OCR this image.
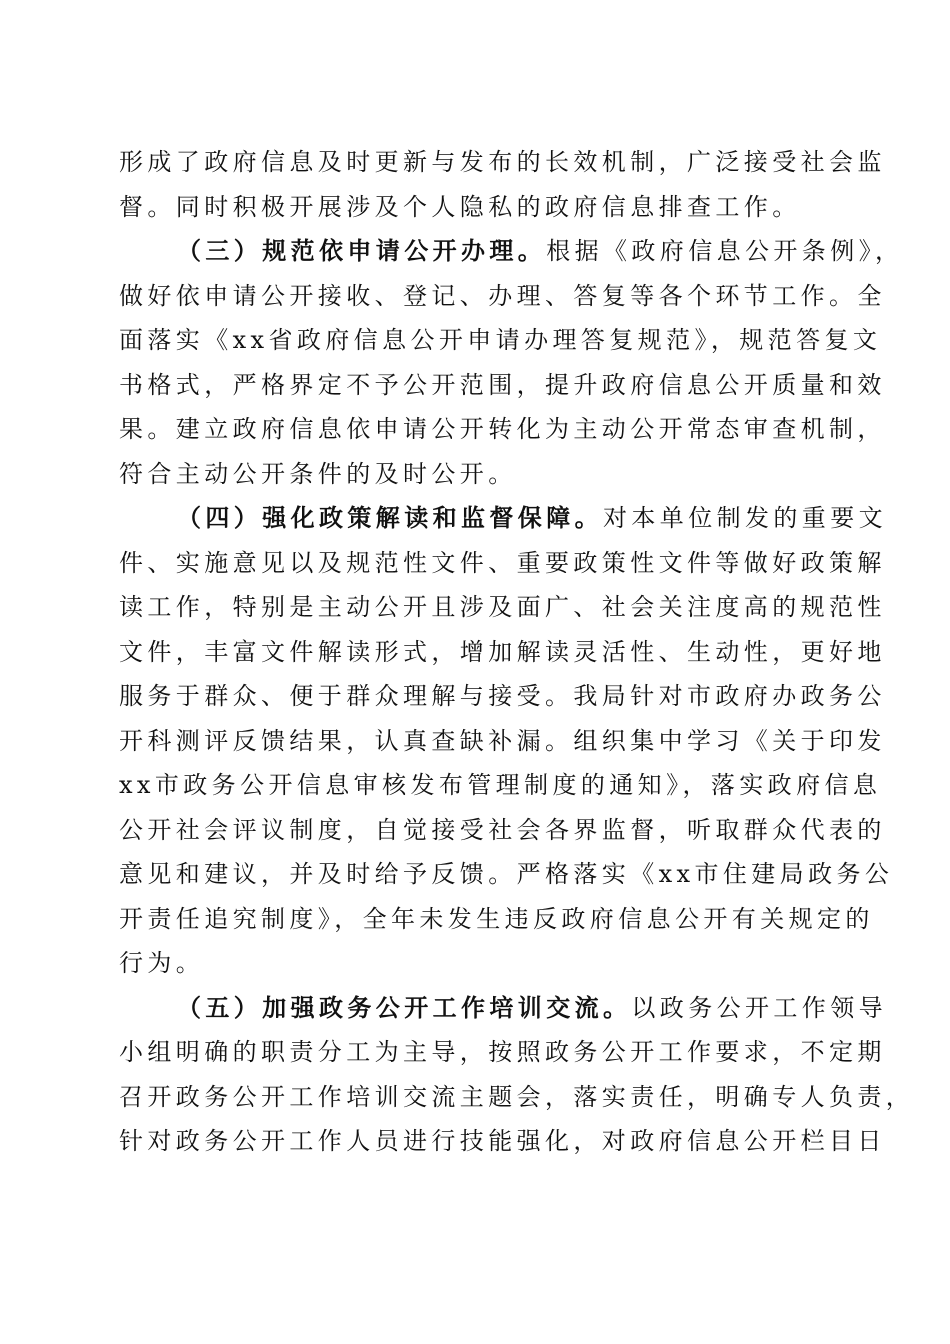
形成了政府信息及时更新与发布的长效机制，广泛接受社会监
督。同时积极开展涉及个人隐私的政府信息排查工作。
（三）规范依申请公开办理。根据《政府信息公开条例》，
做好依申请公开接收、登记、办理、答复等各个环节工作。全
面落实《xx省政府信息公开申请办理答复规范》，规范答复文
书格式，严格界定不予公开范围，提升政府信息公开质量和效
果。建立政府信息依申请公开转化为主动公开常态审查机制，
符合主动公开条件的及时公开。
（四）强化政策解读和监督保障。对本单位制发的重要文
件、实施意见以及规范性文件、重要政策性文件等做好政策解
读工作，特别是主动公开且涉及面广、社会关注度高的规范性
文件，丰富文件解读形式，增加解读灵活性、生动性，更好地
服务于群众、便于群众理解与接受。我局针对市政府办政务公
开科测评反馈结果，认真查缺补漏。组织集中学习《关于印发
xx市政务公开信息审核发布管理制度的通知》，落实政府信息
公开社会评议制度，自觉接受社会各界监督，听取群众代表的
意见和建议，并及时给予反馈。严格落实《xx市住建局政务公
开责任追究制度》，全年未发生违反政府信息公开有关规定的
行为。
（五）加强政务公开工作培训交流。以政务公开工作领导
小组明确的职责分工为主导，按照政务公开工作要求，不定期
召开政务公开工作培训交流主题会，落实责任，明确专人负责，
针对政务公开工作人员进行技能强化，对政府信息公开栏目日
